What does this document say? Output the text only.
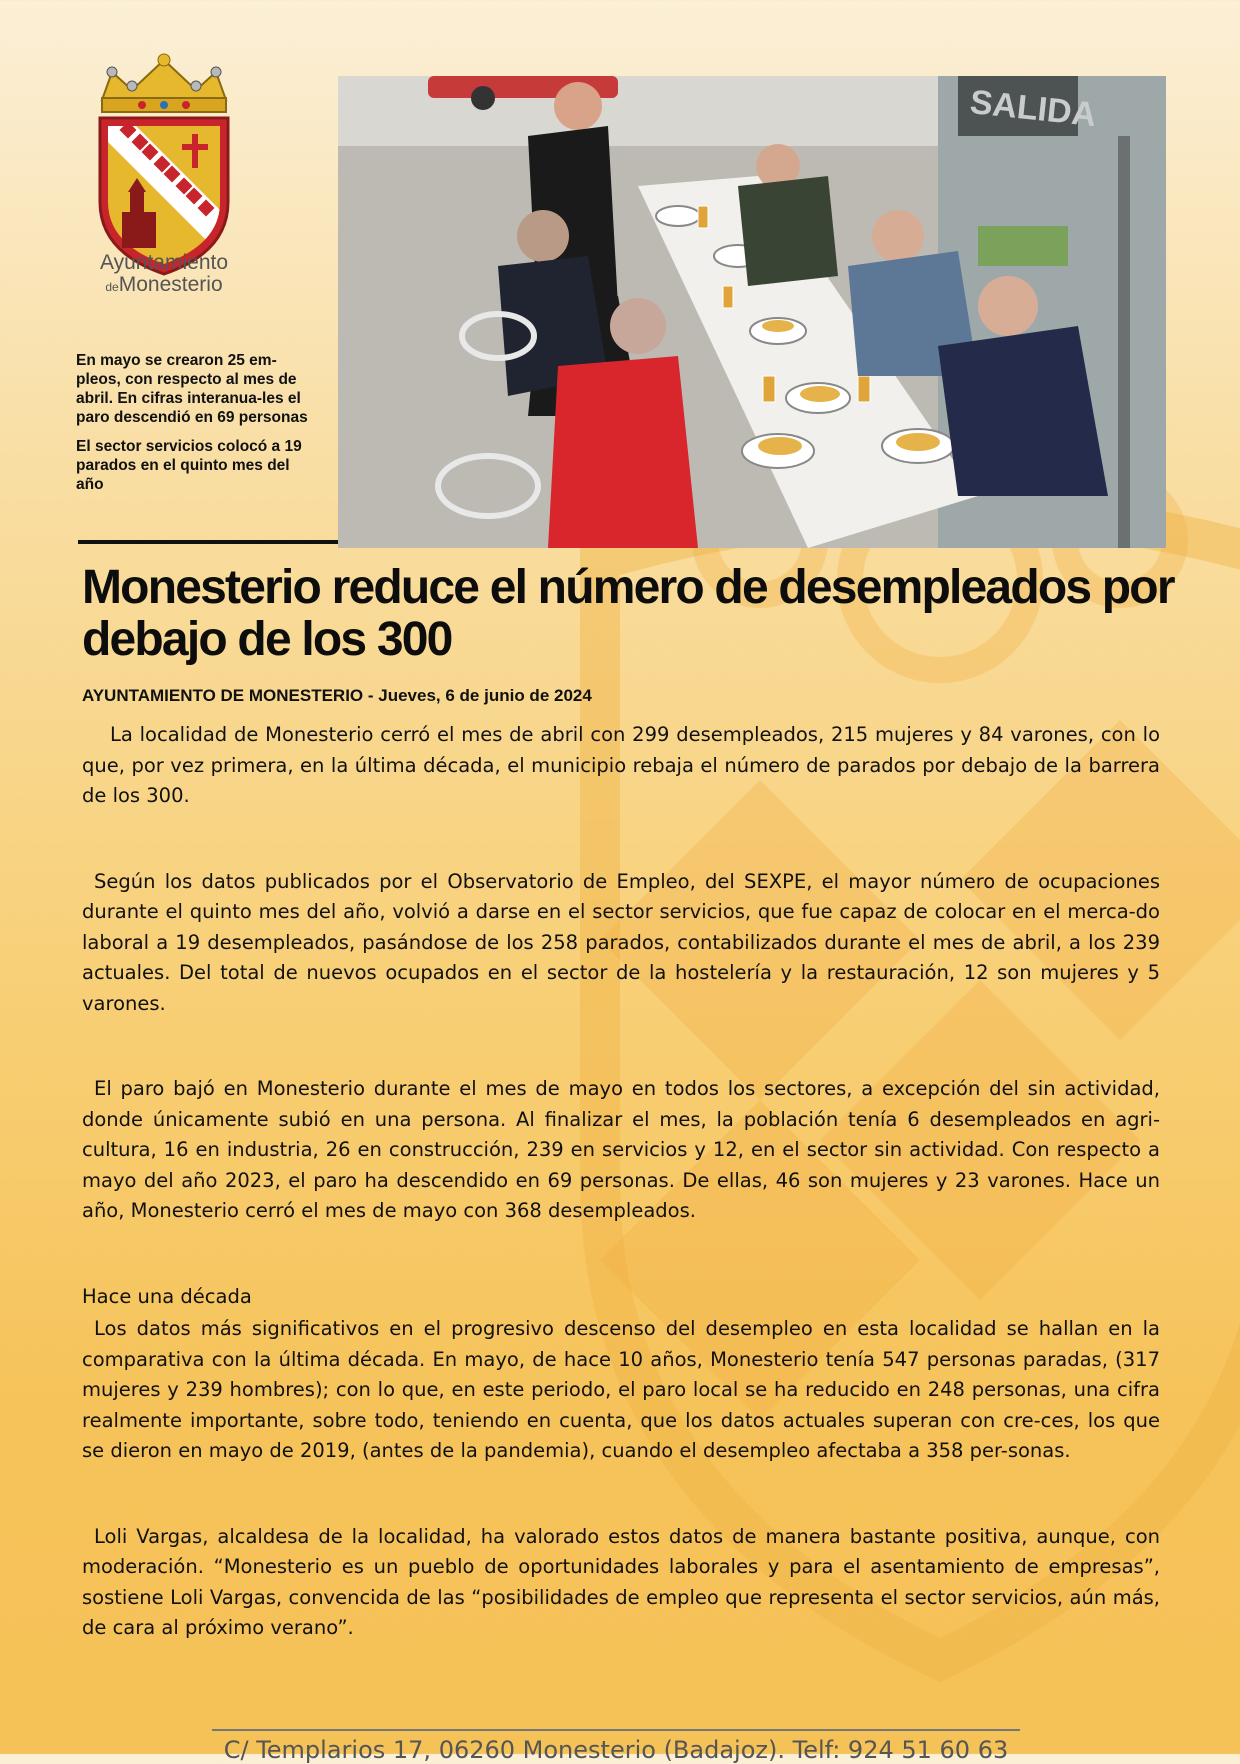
Ayuntamiento
deMonesterio
SALIDA

En mayo se crearon 25 em-pleos, con respecto al mes de abril. En cifras interanua-les el paro descendió en 69 personas

El sector servicios colocó a 19 parados en el quinto mes del año

Monesterio reduce el número de desempleados por debajo de los 300
AYUNTAMIENTO DE MONESTERIO - Jueves, 6 de junio de 2024

La localidad de Monesterio cerró el mes de abril con 299 desempleados, 215 mujeres y 84 varones, con lo que, por vez primera, en la última década, el municipio rebaja el número de parados por debajo de la barrera de los 300.

Según los datos publicados por el Observatorio de Empleo, del SEXPE, el mayor número de ocupaciones durante el quinto mes del año, volvió a darse en el sector servicios, que fue capaz de colocar en el merca-do laboral a 19 desempleados, pasándose de los 258 parados, contabilizados durante el mes de abril, a los 239 actuales. Del total de nuevos ocupados en el sector de la hostelería y la restauración, 12 son mujeres y 5 varones.

El paro bajó en Monesterio durante el mes de mayo en todos los sectores, a excepción del sin actividad, donde únicamente subió en una persona. Al finalizar el mes, la población tenía 6 desempleados en agri-cultura, 16 en industria, 26 en construcción, 239 en servicios y 12, en el sector sin actividad. Con respecto a mayo del año 2023, el paro ha descendido en 69 personas. De ellas, 46 son mujeres y 23 varones. Hace un año, Monesterio cerró el mes de mayo con 368 desempleados.

Hace una década

Los datos más significativos en el progresivo descenso del desempleo en esta localidad se hallan en la comparativa con la última década. En mayo, de hace 10 años, Monesterio tenía 547 personas paradas, (317 mujeres y 239 hombres); con lo que, en este periodo, el paro local se ha reducido en 248 personas, una cifra realmente importante, sobre todo, teniendo en cuenta, que los datos actuales superan con cre-ces, los que se dieron en mayo de 2019, (antes de la pandemia), cuando el desempleo afectaba a 358 per-sonas.

Loli Vargas, alcaldesa de la localidad, ha valorado estos datos de manera bastante positiva, aunque, con moderación. “Monesterio es un pueblo de oportunidades laborales y para el asentamiento de empresas”, sostiene Loli Vargas, convencida de las “posibilidades de empleo que representa el sector servicios, aún más, de cara al próximo verano”.

C/ Templarios 17, 06260 Monesterio (Badajoz). Telf: 924 51 60 63
